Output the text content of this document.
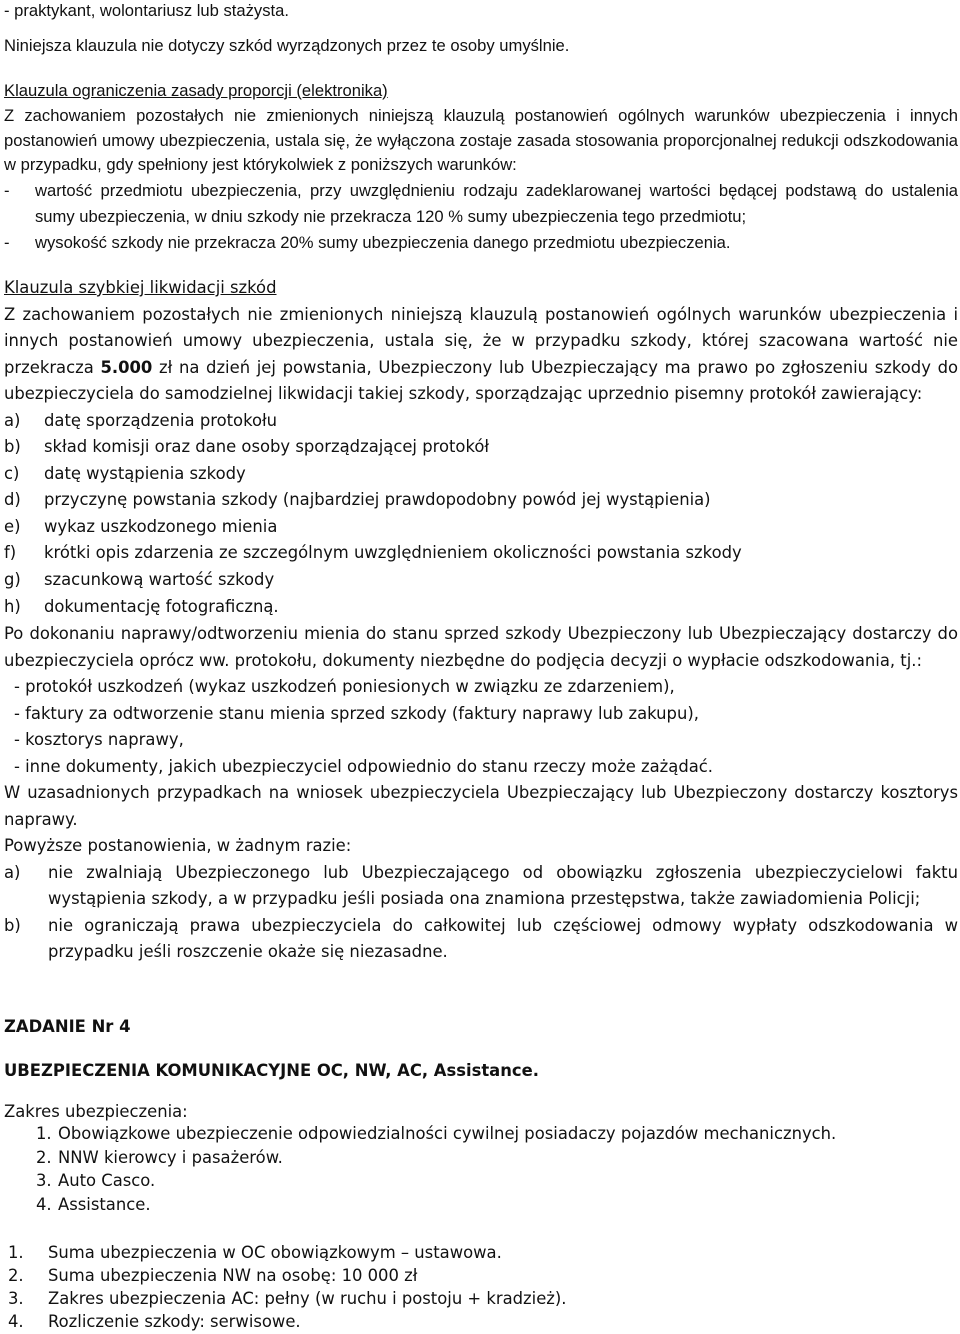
- praktykant, wolontariusz lub stażysta.

Niniejsza klauzula nie dotyczy szkód wyrządzonych przez te osoby umyślnie.

Klauzula ograniczenia zasady proporcji (elektronika)

Z zachowaniem pozostałych nie zmienionych niniejszą klauzulą postanowień ogólnych warunków ubezpieczenia i innych postanowień umowy ubezpieczenia, ustala się, że wyłączona zostaje zasada stosowania proporcjonalnej redukcji odszkodowania w przypadku, gdy spełniony jest którykolwiek z poniższych warunków:

-	wartość przedmiotu ubezpieczenia, przy uwzględnieniu rodzaju zadeklarowanej wartości będącej podstawą do ustalenia sumy ubezpieczenia, w dniu szkody nie przekracza 120 % sumy ubezpieczenia tego przedmiotu;
-	wysokość szkody nie przekracza 20% sumy ubezpieczenia danego przedmiotu ubezpieczenia.

Klauzula szybkiej likwidacji szkód

Z zachowaniem pozostałych nie zmienionych niniejszą klauzulą postanowień ogólnych warunków ubezpieczenia i innych postanowień umowy ubezpieczenia, ustala się, że w przypadku szkody, której szacowana wartość nie przekracza 5.000 zł na dzień jej powstania, Ubezpieczony lub Ubezpieczający ma prawo po zgłoszeniu szkody do ubezpieczyciela do samodzielnej likwidacji takiej szkody, sporządzając uprzednio pisemny protokół zawierający:

a)	datę sporządzenia protokołu
b)	skład komisji oraz dane osoby sporządzającej protokół
c)	datę wystąpienia szkody
d)	przyczynę powstania szkody (najbardziej prawdopodobny powód jej wystąpienia)
e)	wykaz uszkodzonego mienia
f)	krótki opis zdarzenia ze szczególnym uwzględnieniem okoliczności powstania szkody
g)	szacunkową wartość szkody
h)	dokumentację fotograficzną.

Po dokonaniu naprawy/odtworzeniu mienia do stanu sprzed szkody Ubezpieczony lub Ubezpieczający dostarczy do ubezpieczyciela oprócz ww. protokołu, dokumenty niezbędne do podjęcia decyzji o wypłacie odszkodowania, tj.:

- protokół uszkodzeń (wykaz uszkodzeń poniesionych w związku ze zdarzeniem),

- faktury za odtworzenie stanu mienia sprzed szkody (faktury naprawy lub zakupu),

- kosztorys naprawy,

- inne dokumenty, jakich ubezpieczyciel odpowiednio do stanu rzeczy może zażądać.

W uzasadnionych przypadkach na wniosek ubezpieczyciela Ubezpieczający lub Ubezpieczony dostarczy kosztorys naprawy.

Powyższe postanowienia, w żadnym razie:

a)	nie zwalniają Ubezpieczonego lub Ubezpieczającego od obowiązku zgłoszenia ubezpieczycielowi faktu wystąpienia szkody, a w przypadku jeśli posiada ona znamiona przestępstwa, także zawiadomienia Policji;
b)	nie ograniczają prawa ubezpieczyciela do całkowitej lub częściowej odmowy wypłaty odszkodowania w przypadku jeśli roszczenie okaże się niezasadne.

ZADANIE Nr 4

UBEZPIECZENIA KOMUNIKACYJNE OC, NW, AC, Assistance.

Zakres ubezpieczenia:

1. Obowiązkowe ubezpieczenie odpowiedzialności cywilnej posiadaczy pojazdów mechanicznych.
2. NNW kierowcy i pasażerów.
3. Auto Casco.
4. Assistance.
1.	Suma ubezpieczenia w OC obowiązkowym – ustawowa.
2.	Suma ubezpieczenia NW na osobę: 10 000 zł
3.	Zakres ubezpieczenia AC: pełny (w ruchu i postoju + kradzież).
4.	Rozliczenie szkody: serwisowe.
